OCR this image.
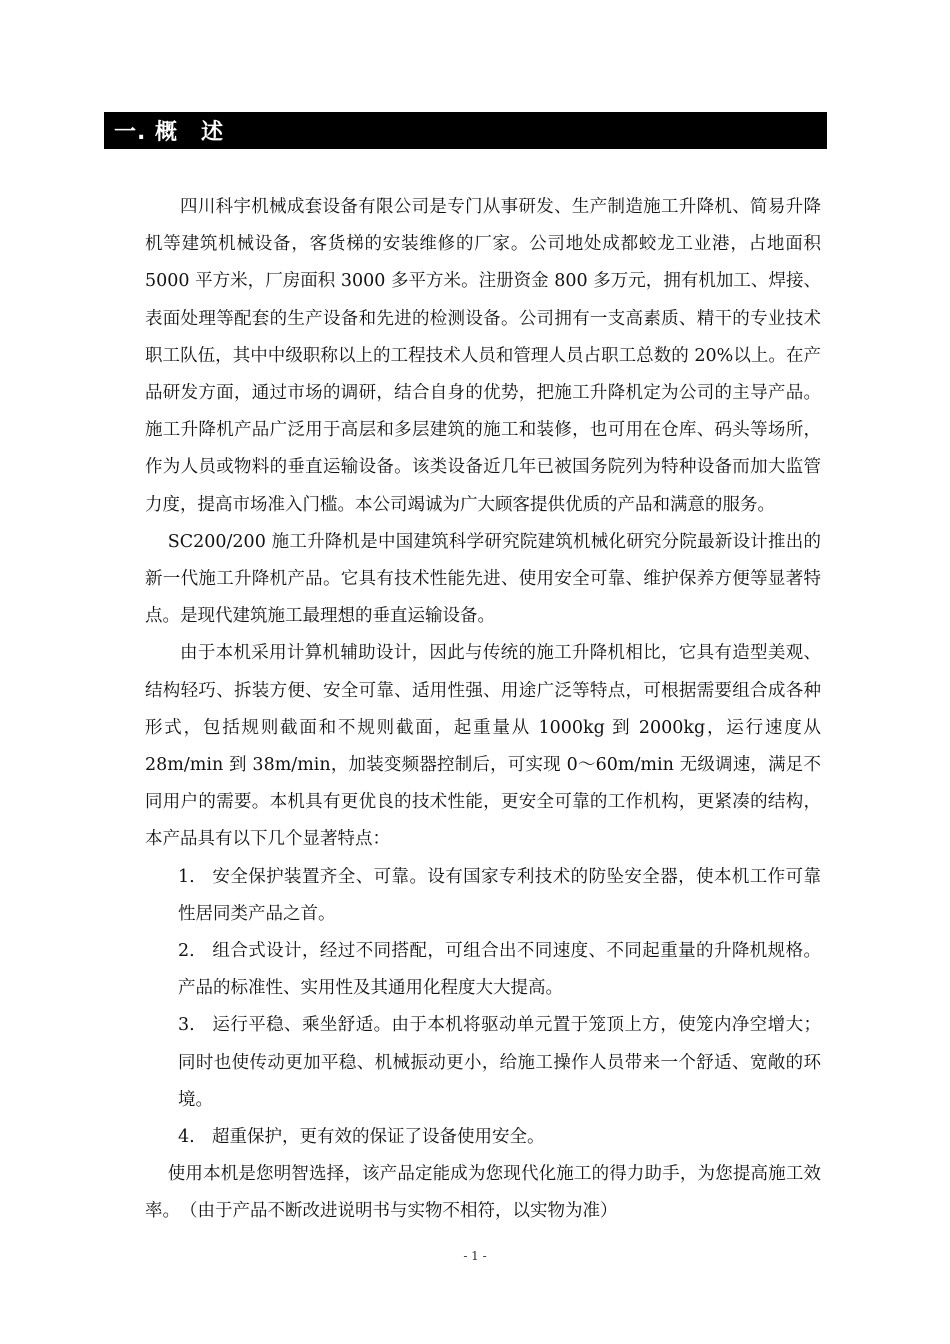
一. 概　述

四川科宇机械成套设备有限公司是专门从事研发、生产制造施工升降机、简易升降机等建筑机械设备，客货梯的安装维修的厂家。公司地处成都蛟龙工业港，占地面积 5000 平方米，厂房面积 3000 多平方米。注册资金 800 多万元，拥有机加工、焊接、表面处理等配套的生产设备和先进的检测设备。公司拥有一支高素质、精干的专业技术职工队伍，其中中级职称以上的工程技术人员和管理人员占职工总数的 20%以上。在产品研发方面，通过市场的调研，结合自身的优势，把施工升降机定为公司的主导产品。施工升降机产品广泛用于高层和多层建筑的施工和装修，也可用在仓库、码头等场所，作为人员或物料的垂直运输设备。该类设备近几年已被国务院列为特种设备而加大监管力度，提高市场准入门槛。本公司竭诚为广大顾客提供优质的产品和满意的服务。

SC200/200 施工升降机是中国建筑科学研究院建筑机械化研究分院最新设计推出的新一代施工升降机产品。它具有技术性能先进、使用安全可靠、维护保养方便等显著特点。是现代建筑施工最理想的垂直运输设备。

由于本机采用计算机辅助设计，因此与传统的施工升降机相比，它具有造型美观、结构轻巧、拆装方便、安全可靠、适用性强、用途广泛等特点，可根据需要组合成各种形式，包括规则截面和不规则截面，起重量从 1000kg 到 2000kg，运行速度从 28m/min 到 38m/min，加装变频器控制后，可实现 0～60m/min 无级调速，满足不同用户的需要。本机具有更优良的技术性能，更安全可靠的工作机构，更紧凑的结构，本产品具有以下几个显著特点：

1. 安全保护装置齐全、可靠。设有国家专利技术的防坠安全器，使本机工作可靠性居同类产品之首。

2. 组合式设计，经过不同搭配，可组合出不同速度、不同起重量的升降机规格。产品的标准性、实用性及其通用化程度大大提高。

3. 运行平稳、乘坐舒适。由于本机将驱动单元置于笼顶上方，使笼内净空增大；同时也使传动更加平稳、机械振动更小，给施工操作人员带来一个舒适、宽敞的环境。

4. 超重保护，更有效的保证了设备使用安全。

使用本机是您明智选择，该产品定能成为您现代化施工的得力助手，为您提高施工效率。　（由于产品不断改进说明书与实物不相符，以实物为准）

- 1 -
